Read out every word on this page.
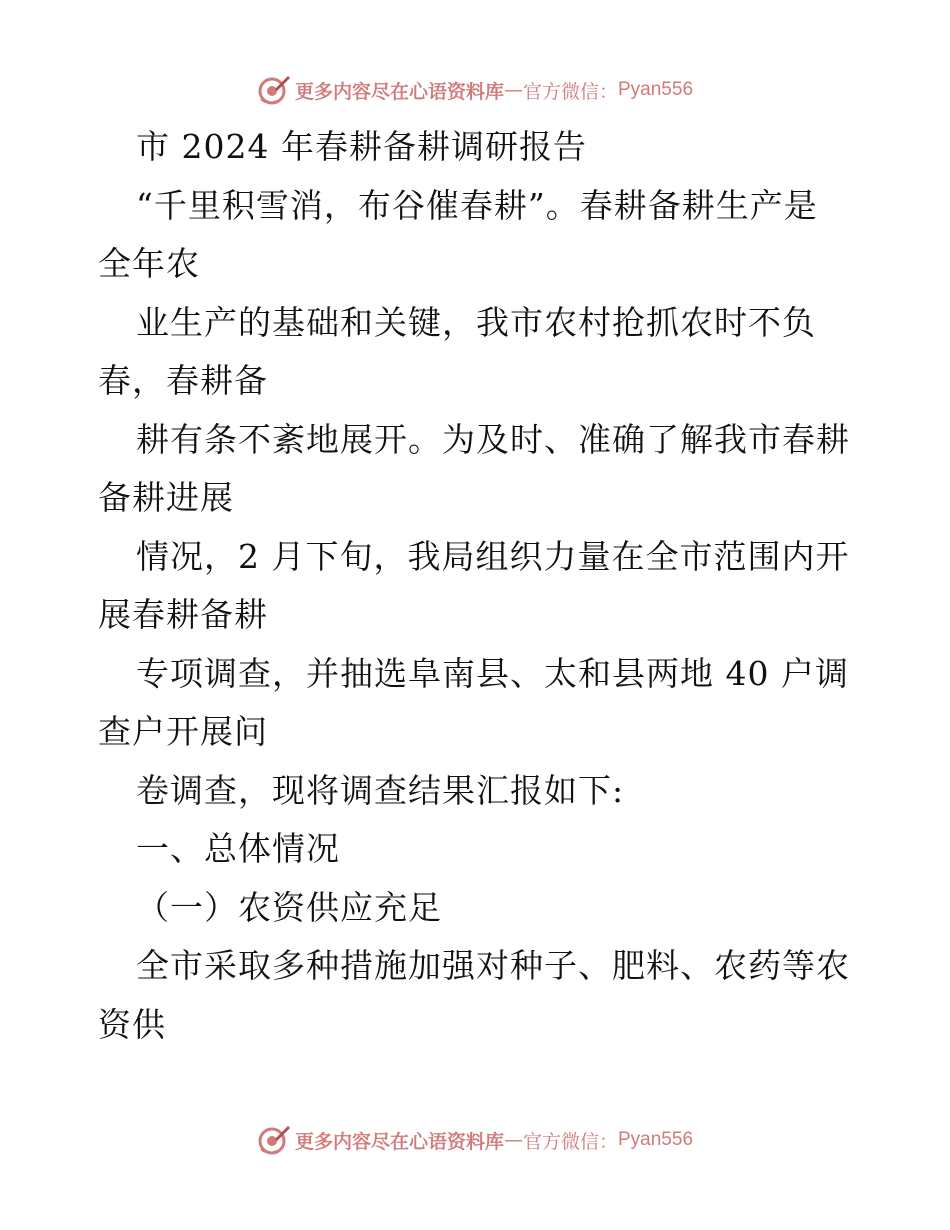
更多内容尽在心语资料库 — 官方微信： Pyan556
市 2024 年春耕备耕调研报告
“千里积雪消，布谷催春耕”。春耕备耕生产是
全年农
业生产的基础和关键，我市农村抢抓农时不负
春，春耕备
耕有条不紊地展开。为及时、准确了解我市春耕
备耕进展
情况，2 月下旬，我局组织力量在全市范围内开
展春耕备耕
专项调查，并抽选阜南县、太和县两地 40 户调
查户开展问
卷调查，现将调查结果汇报如下:
一、总体情况
（一）农资供应充足
全市采取多种措施加强对种子、肥料、农药等农
资供
更多内容尽在心语资料库 — 官方微信： Pyan556
